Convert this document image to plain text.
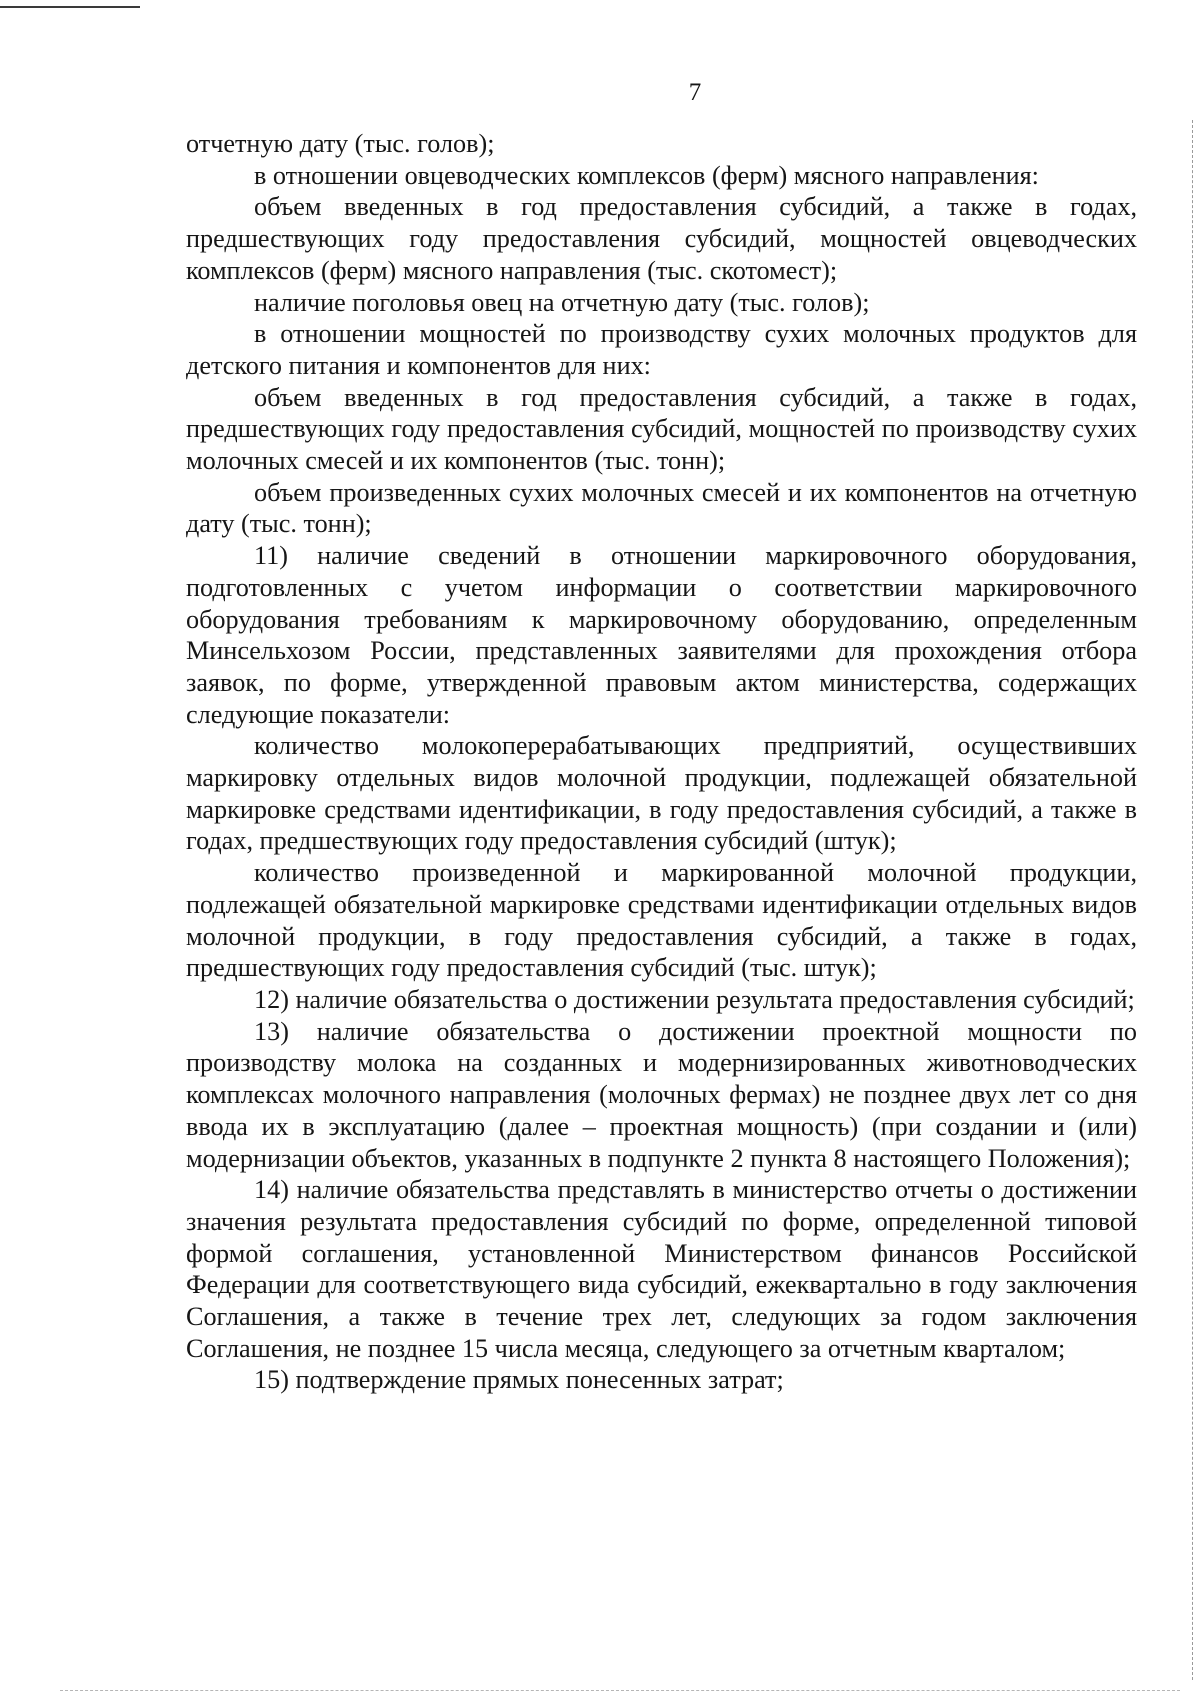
7

отчетную дату (тыс. голов);

в отношении овцеводческих комплексов (ферм) мясного направления:

объем введенных в год предоставления субсидий, а также в годах, предшествующих году предоставления субсидий, мощностей овцеводческих комплексов (ферм) мясного направления (тыс. скотомест);

наличие поголовья овец на отчетную дату (тыс. голов);

в отношении мощностей по производству сухих молочных продуктов для детского питания и компонентов для них:

объем введенных в год предоставления субсидий, а также в годах, предшествующих году предоставления субсидий, мощностей по производству сухих молочных смесей и их компонентов (тыс. тонн);

объем произведенных сухих молочных смесей и их компонентов на отчетную дату (тыс. тонн);

11) наличие сведений в отношении маркировочного оборудования, подготовленных с учетом информации о соответствии маркировочного оборудования требованиям к маркировочному оборудованию, определенным Минсельхозом России, представленных заявителями для прохождения отбора заявок, по форме, утвержденной правовым актом министерства, содержащих следующие показатели:

количество молокоперерабатывающих предприятий, осуществивших маркировку отдельных видов молочной продукции, подлежащей обязательной маркировке средствами идентификации, в году предоставления субсидий, а также в годах, предшествующих году предоставления субсидий (штук);

количество произведенной и маркированной молочной продукции, подлежащей обязательной маркировке средствами идентификации отдельных видов молочной продукции, в году предоставления субсидий, а также в годах, предшествующих году предоставления субсидий (тыс. штук);

12) наличие обязательства о достижении результата предоставления субсидий;

13) наличие обязательства о достижении проектной мощности по производству молока на созданных и модернизированных животноводческих комплексах молочного направления (молочных фермах) не позднее двух лет со дня ввода их в эксплуатацию (далее – проектная мощность) (при создании и (или) модернизации объектов, указанных в подпункте 2 пункта 8 настоящего Положения);

14) наличие обязательства представлять в министерство отчеты о достижении значения результата предоставления субсидий по форме, определенной типовой формой соглашения, установленной Министерством финансов Российской Федерации для соответствующего вида субсидий, ежеквартально в году заключения Соглашения, а также в течение трех лет, следующих за годом заключения Соглашения, не позднее 15 числа месяца, следующего за отчетным кварталом;

15) подтверждение прямых понесенных затрат;
